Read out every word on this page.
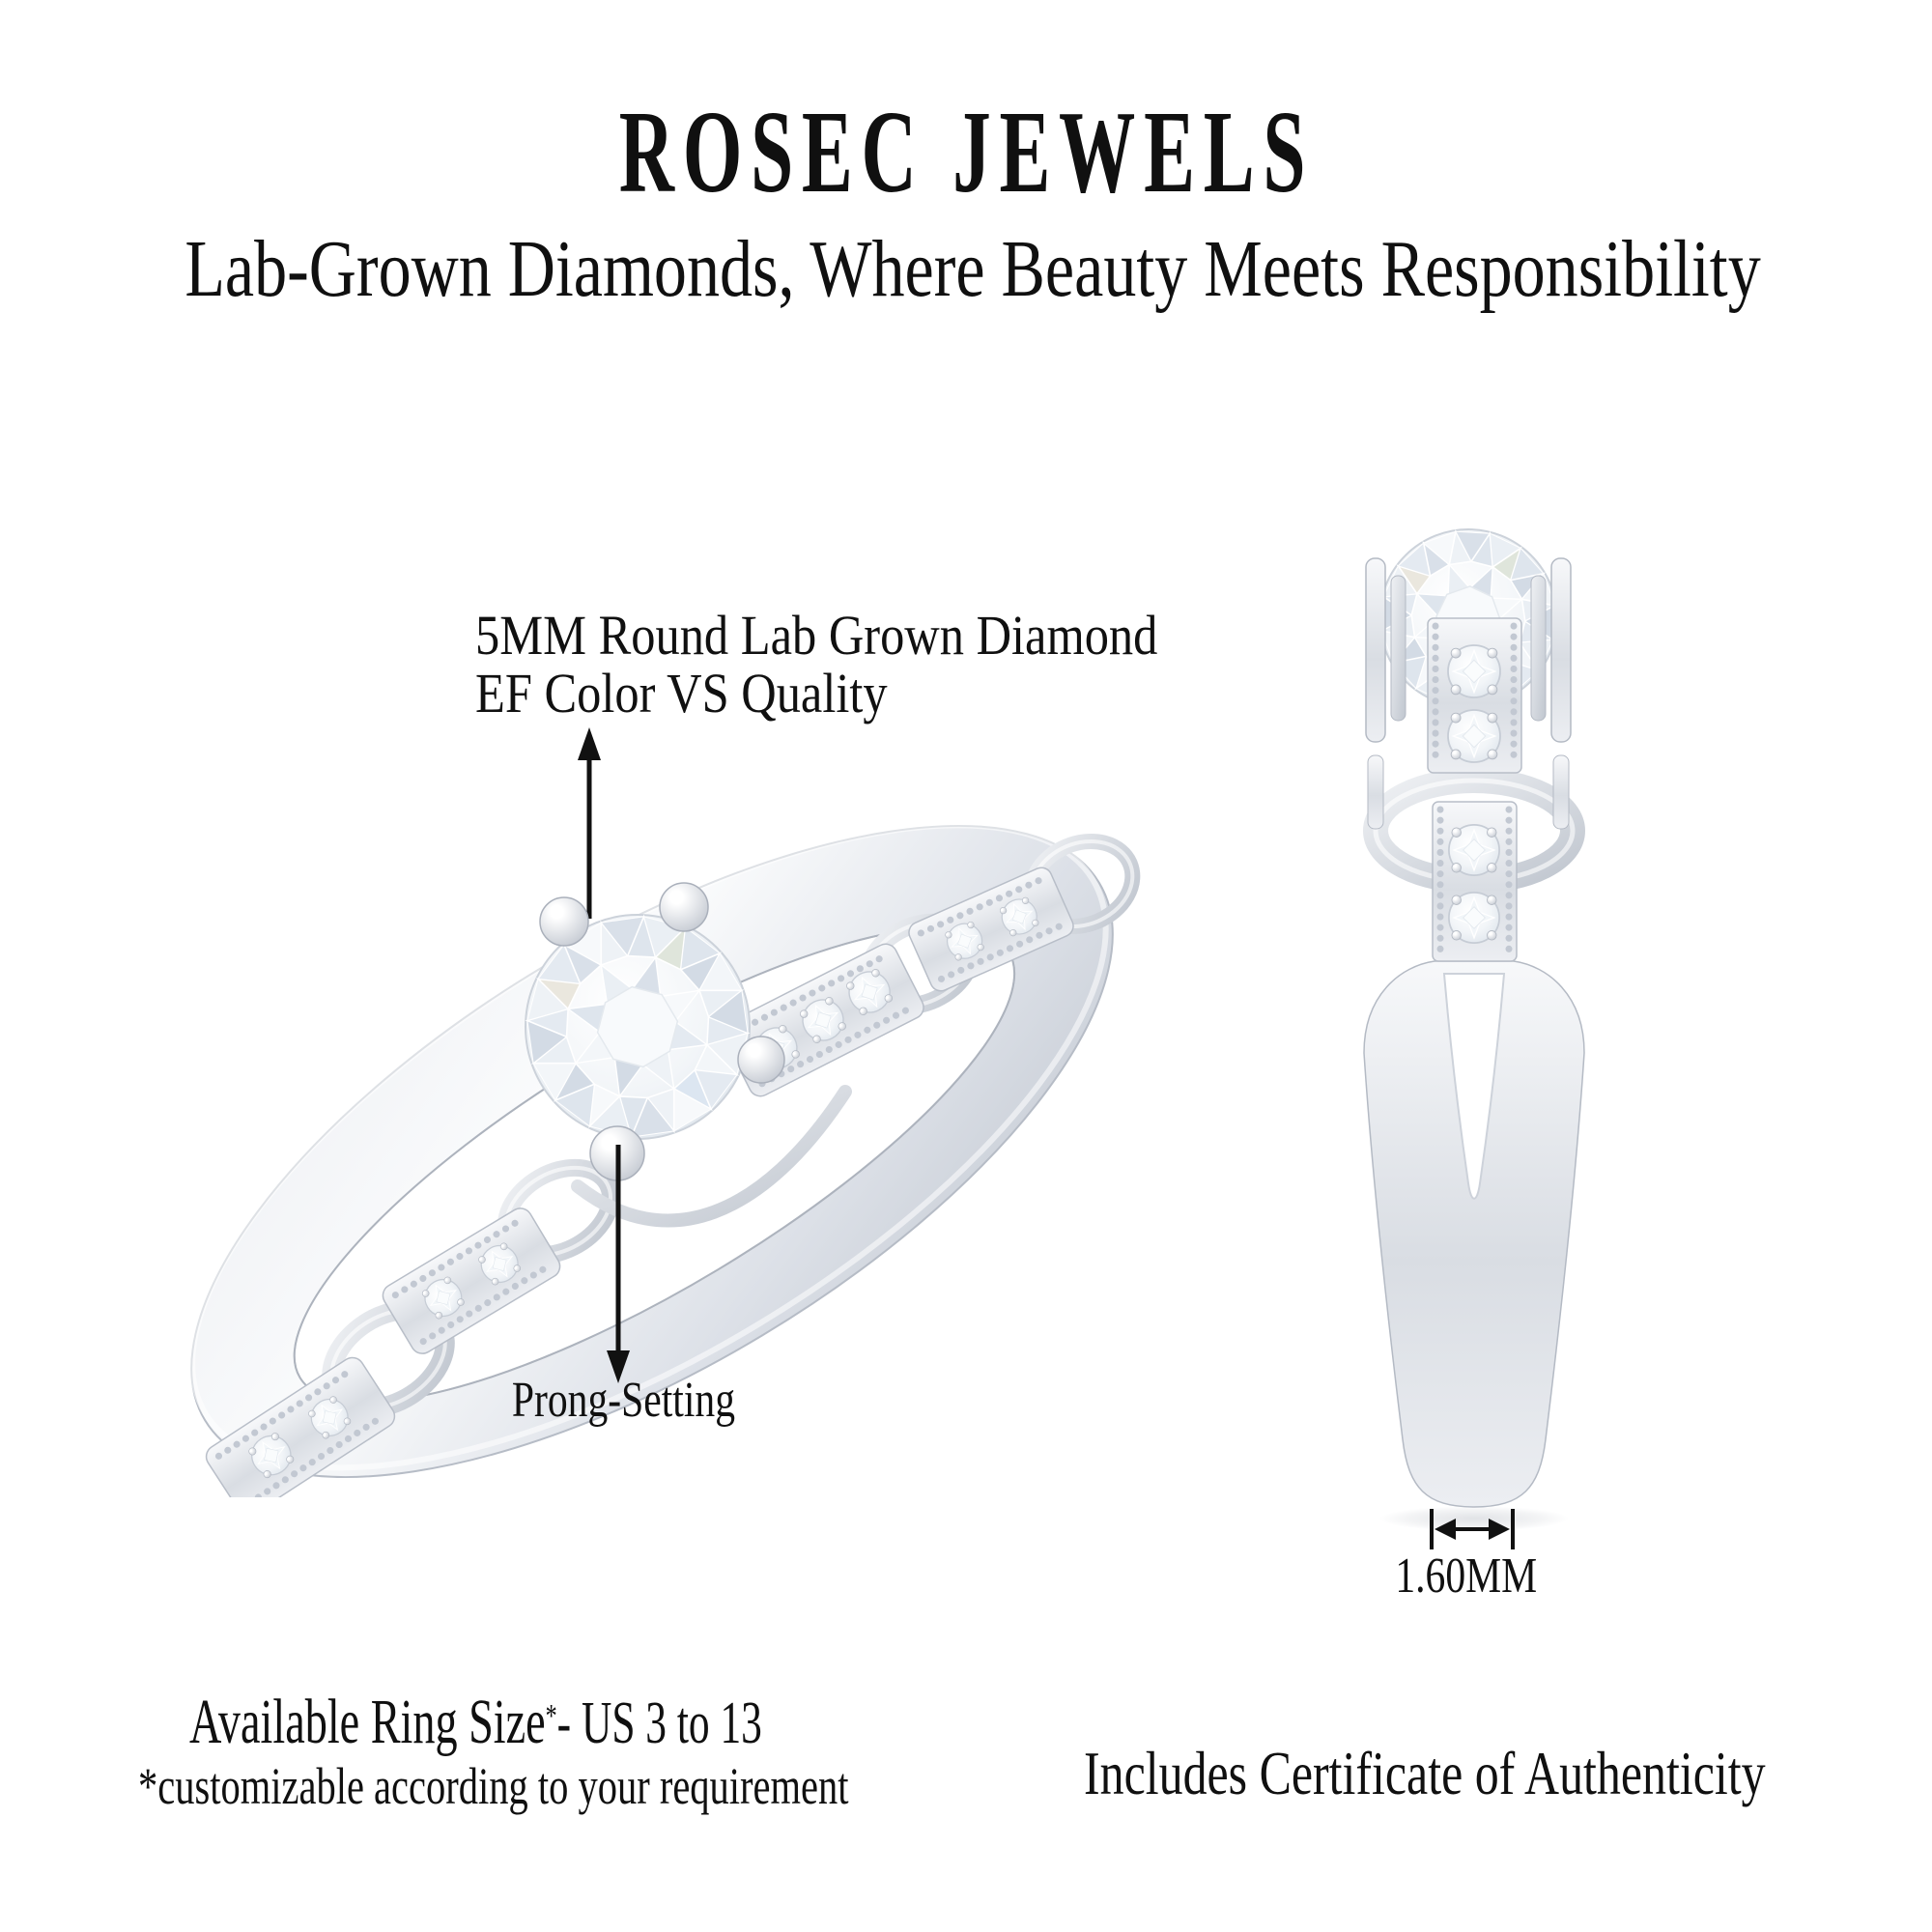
ROSEC JEWELS
Lab-Grown Diamonds, Where Beauty Meets Responsibility
5MM Round Lab Grown Diamond
EF Color VS Quality
Prong-Setting
1.60MM
Available Ring Size*- US 3 to 13
*customizable according to your requirement	Includes Certificate of Authenticity
